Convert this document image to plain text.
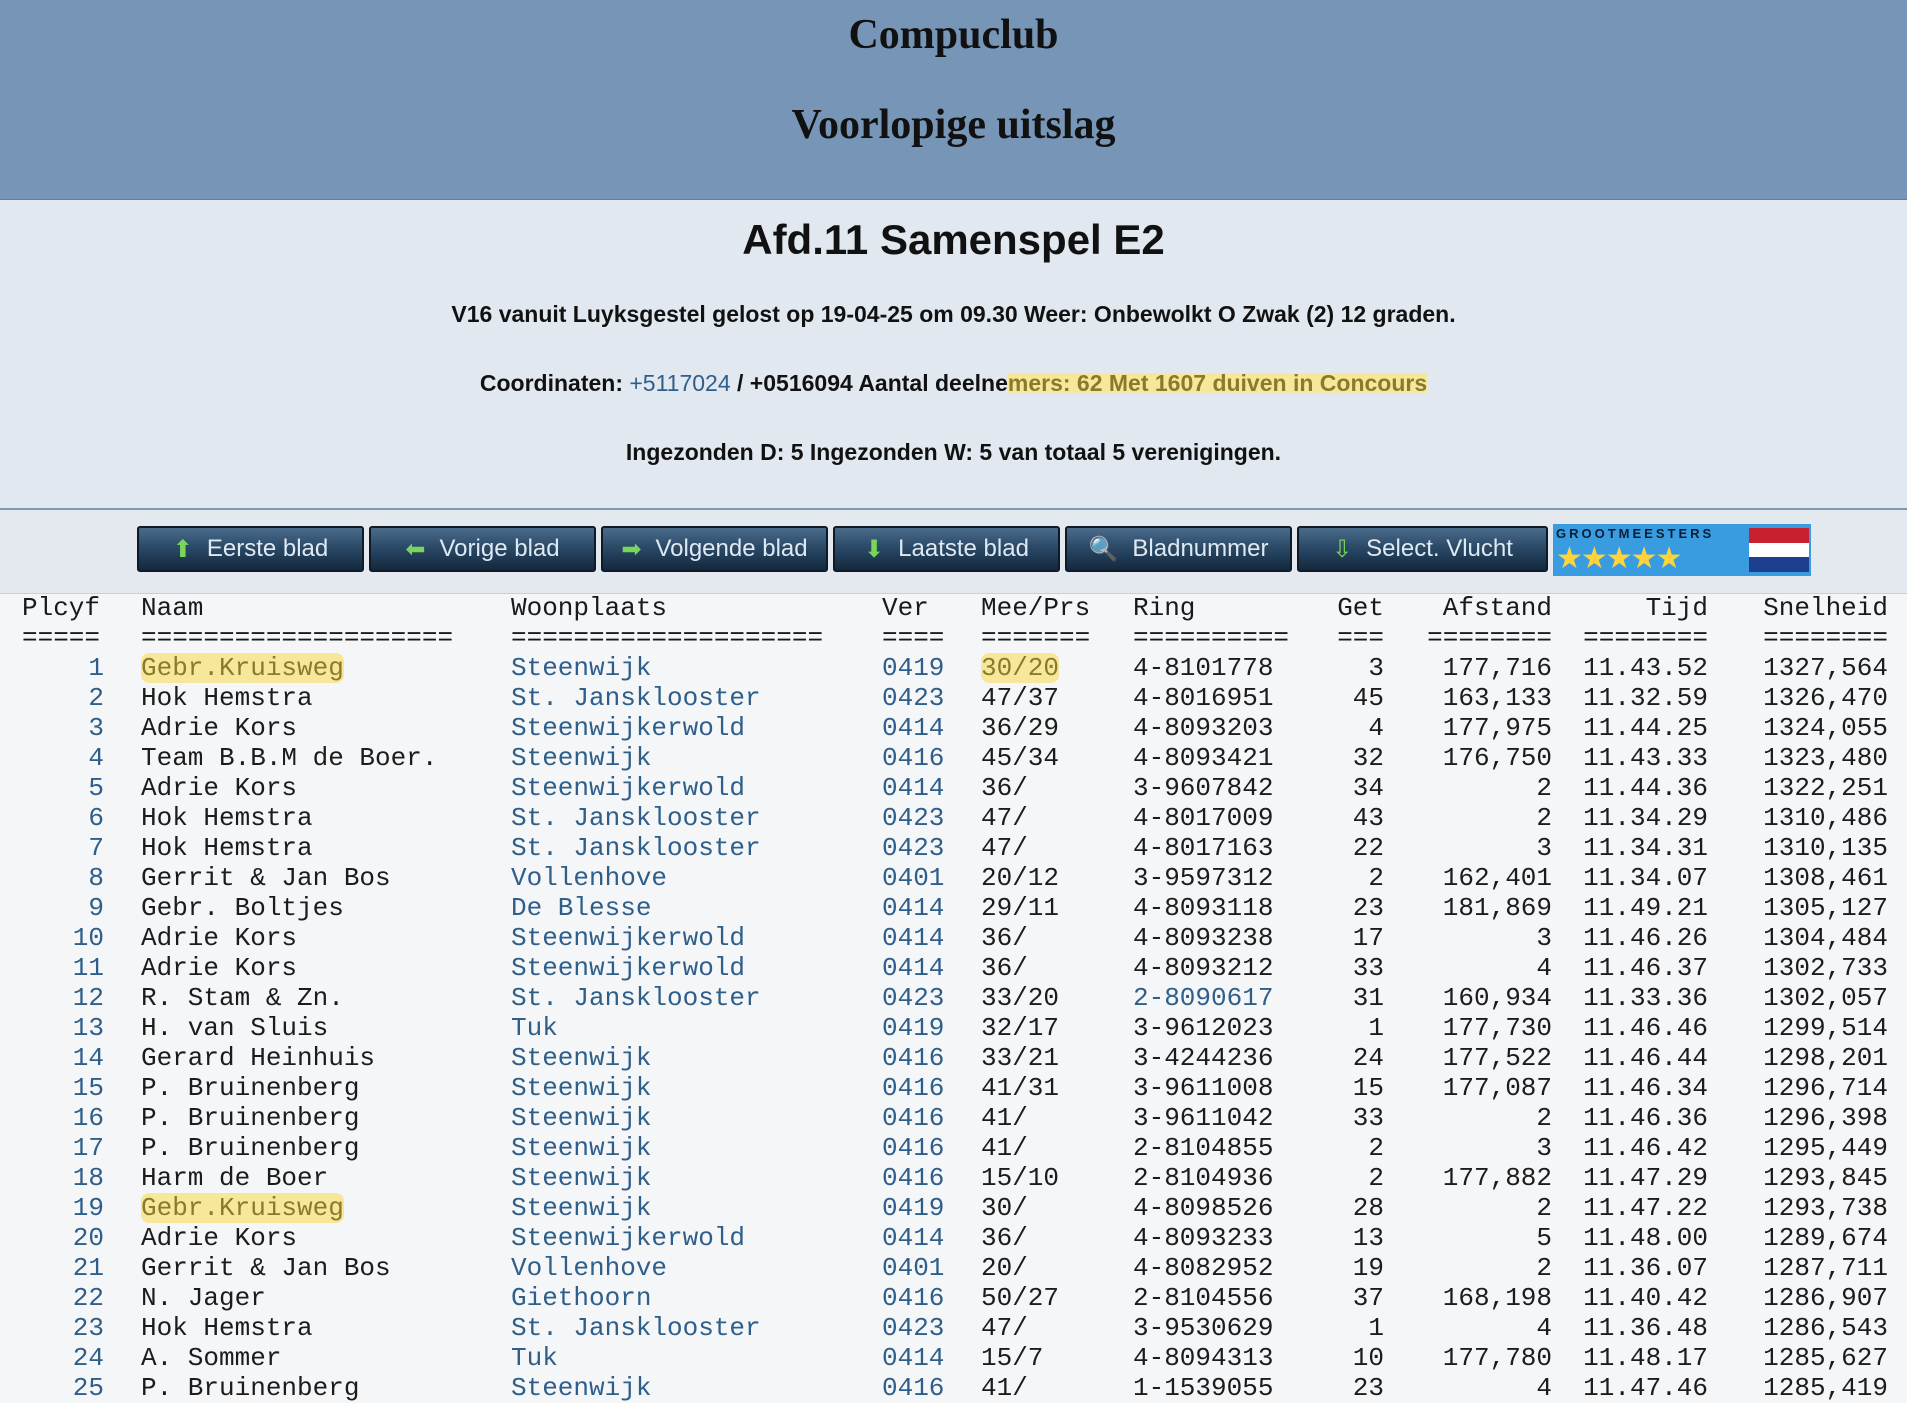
Compuclub
Voorlopige uitslag
Afd.11 Samenspel E2
V16 vanuit Luyksgestel gelost op 19-04-25 om 09.30 Weer: Onbewolkt O Zwak (2) 12 graden.
Coordinaten: +5117024 / +0516094 Aantal deelnemers: 62 Met 1607 duiven in Concours
Ingezonden D: 5 Ingezonden W: 5 van totaal 5 verenigingen.
⬆ Eerste blad	⬅ Vorige blad	➡ Volgende blad ⬇ Laatste blad 🔍 Bladnummer	⇩ Select. Vlucht
GROOTMEESTERS
★★★★★
Plcyf Naam	Woonplaats	Ver Mee/Prs Ring	Get Afstand	Tijd Snelheid
===== ==================== ==================== ==== ======= ========== === ======== ======== ========
1 Gebr.Kruisweg	Steenwijk	0419 30/20	4-8101778	3 177,716 11.43.52 1327,564
2 Hok Hemstra	St. Jansklooster	0423 47/37	4-8016951	45 163,133 11.32.59 1326,470
3 Adrie Kors	Steenwijkerwold	0414 36/29	4-8093203	4 177,975 11.44.25 1324,055
4 Team B.B.M de Boer.	Steenwijk	0416 45/34	4-8093421	32 176,750 11.43.33 1323,480
5 Adrie Kors	Steenwijkerwold	0414 36/	3-9607842	34	2 11.44.36 1322,251
6 Hok Hemstra	St. Jansklooster	0423 47/	4-8017009	43	2 11.34.29 1310,486
7 Hok Hemstra	St. Jansklooster	0423 47/	4-8017163	22	3 11.34.31 1310,135
8 Gerrit & Jan Bos	Vollenhove	0401 20/12	3-9597312	2 162,401 11.34.07 1308,461
9 Gebr. Boltjes	De Blesse	0414 29/11	4-8093118	23 181,869 11.49.21 1305,127
10 Adrie Kors	Steenwijkerwold	0414 36/	4-8093238	17	3 11.46.26 1304,484
11 Adrie Kors	Steenwijkerwold	0414 36/	4-8093212	33	4 11.46.37 1302,733
12 R. Stam & Zn.	St. Jansklooster	0423 33/20	2-8090617	31 160,934 11.33.36 1302,057
13 H. van Sluis	Tuk	0419 32/17	3-9612023	1 177,730 11.46.46 1299,514
14 Gerard Heinhuis	Steenwijk	0416 33/21	3-4244236	24 177,522 11.46.44 1298,201
15 P. Bruinenberg	Steenwijk	0416 41/31	3-9611008	15 177,087 11.46.34 1296,714
16 P. Bruinenberg	Steenwijk	0416 41/	3-9611042	33	2 11.46.36 1296,398
17 P. Bruinenberg	Steenwijk	0416 41/	2-8104855	2	3 11.46.42 1295,449
18 Harm de Boer	Steenwijk	0416 15/10	2-8104936	2 177,882 11.47.29 1293,845
19 Gebr.Kruisweg	Steenwijk	0419 30/	4-8098526	28	2 11.47.22 1293,738
20 Adrie Kors	Steenwijkerwold	0414 36/	4-8093233	13	5 11.48.00 1289,674
21 Gerrit & Jan Bos	Vollenhove	0401 20/	4-8082952	19	2 11.36.07 1287,711
22 N. Jager	Giethoorn	0416 50/27	2-8104556	37 168,198 11.40.42 1286,907
23 Hok Hemstra	St. Jansklooster	0423 47/	3-9530629	1	4 11.36.48 1286,543
24 A. Sommer	Tuk	0414 15/7	4-8094313	10 177,780 11.48.17 1285,627
25 P. Bruinenberg	Steenwijk	0416 41/	1-1539055	23	4 11.47.46 1285,419
